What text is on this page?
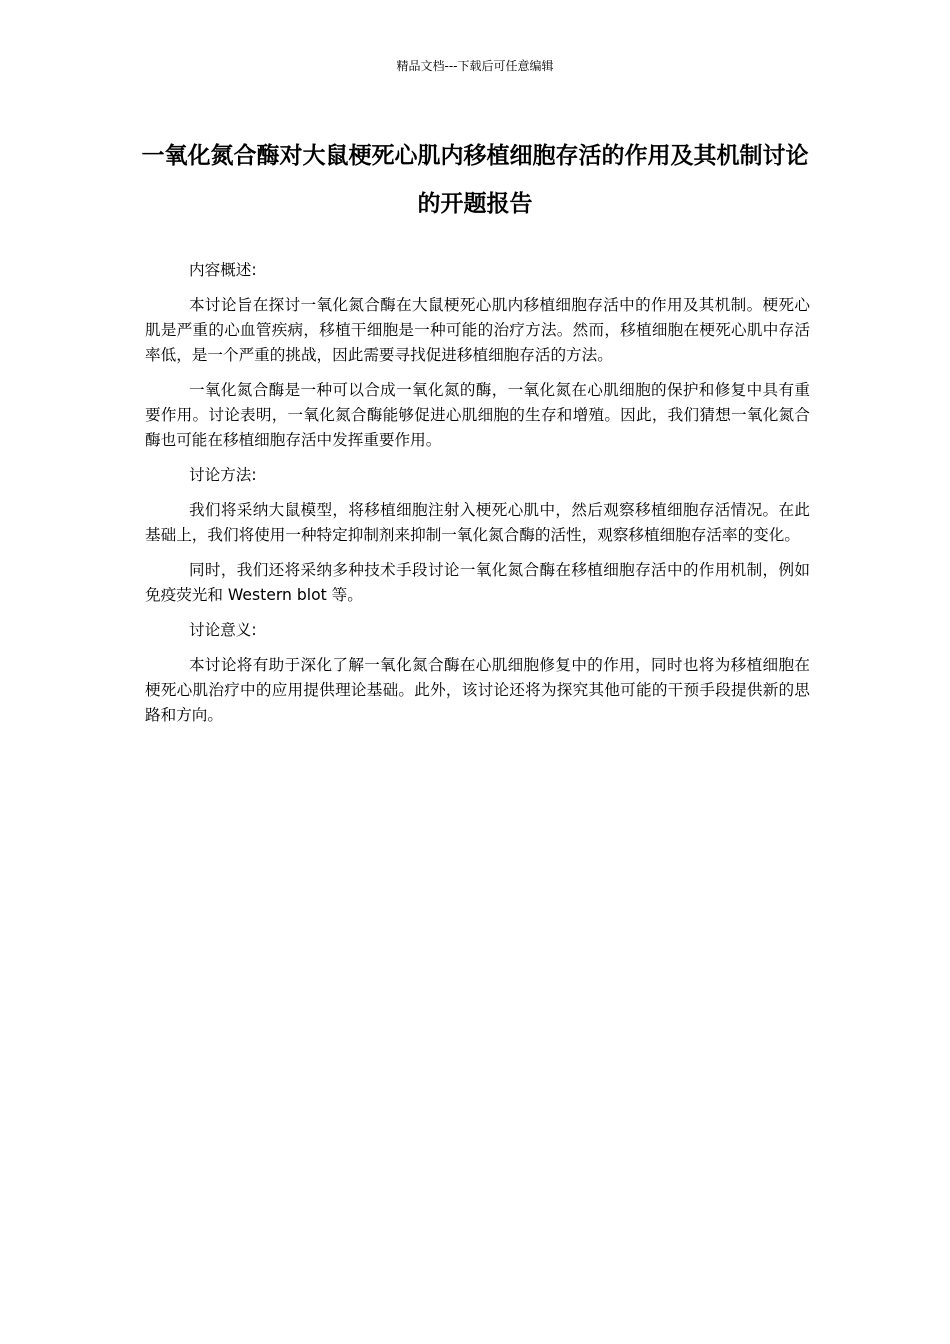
精品文档---下载后可任意编辑
一氧化氮合酶对大鼠梗死心肌内移植细胞存活的作用及其机制讨论的开题报告

内容概述:

本讨论旨在探讨一氧化氮合酶在大鼠梗死心肌内移植细胞存活中的作用及其机制。梗死心肌是严重的心血管疾病，移植干细胞是一种可能的治疗方法。然而，移植细胞在梗死心肌中存活率低，是一个严重的挑战，因此需要寻找促进移植细胞存活的方法。

一氧化氮合酶是一种可以合成一氧化氮的酶，一氧化氮在心肌细胞的保护和修复中具有重要作用。讨论表明，一氧化氮合酶能够促进心肌细胞的生存和增殖。因此，我们猜想一氧化氮合酶也可能在移植细胞存活中发挥重要作用。

讨论方法:

我们将采纳大鼠模型，将移植细胞注射入梗死心肌中，然后观察移植细胞存活情况。在此基础上，我们将使用一种特定抑制剂来抑制一氧化氮合酶的活性，观察移植细胞存活率的变化。

同时，我们还将采纳多种技术手段讨论一氧化氮合酶在移植细胞存活中的作用机制，例如免疫荧光和 Western blot 等。

讨论意义:

本讨论将有助于深化了解一氧化氮合酶在心肌细胞修复中的作用，同时也将为移植细胞在梗死心肌治疗中的应用提供理论基础。此外，该讨论还将为探究其他可能的干预手段提供新的思路和方向。
